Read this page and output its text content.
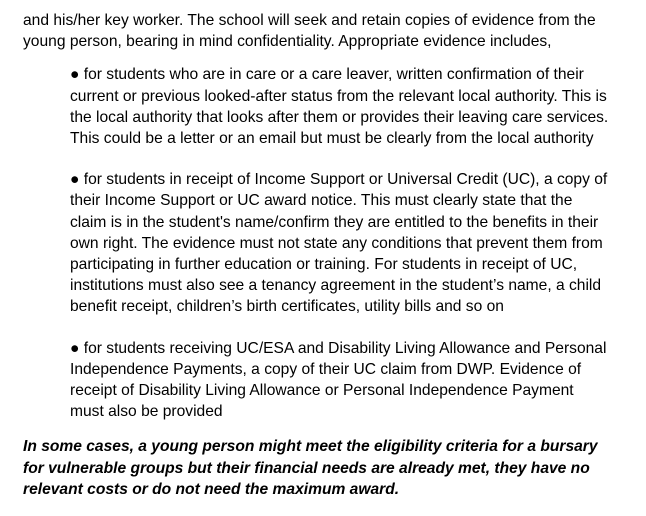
and his/her key worker. The school will seek and retain copies of evidence from the
young person, bearing in mind confidentiality. Appropriate evidence includes,

● for students who are in care or a care leaver, written confirmation of their
current or previous looked-after status from the relevant local authority. This is
the local authority that looks after them or provides their leaving care services.
This could be a letter or an email but must be clearly from the local authority
● for students in receipt of Income Support or Universal Credit (UC), a copy of
their Income Support or UC award notice. This must clearly state that the
claim is in the student's name/confirm they are entitled to the benefits in their
own right. The evidence must not state any conditions that prevent them from
participating in further education or training. For students in receipt of UC,
institutions must also see a tenancy agreement in the student’s name, a child
benefit receipt, children’s birth certificates, utility bills and so on
● for students receiving UC/ESA and Disability Living Allowance and Personal
Independence Payments, a copy of their UC claim from DWP. Evidence of
receipt of Disability Living Allowance or Personal Independence Payment
must also be provided

In some cases, a young person might meet the eligibility criteria for a bursary
for vulnerable groups but their financial needs are already met, they have no
relevant costs or do not need the maximum award.
